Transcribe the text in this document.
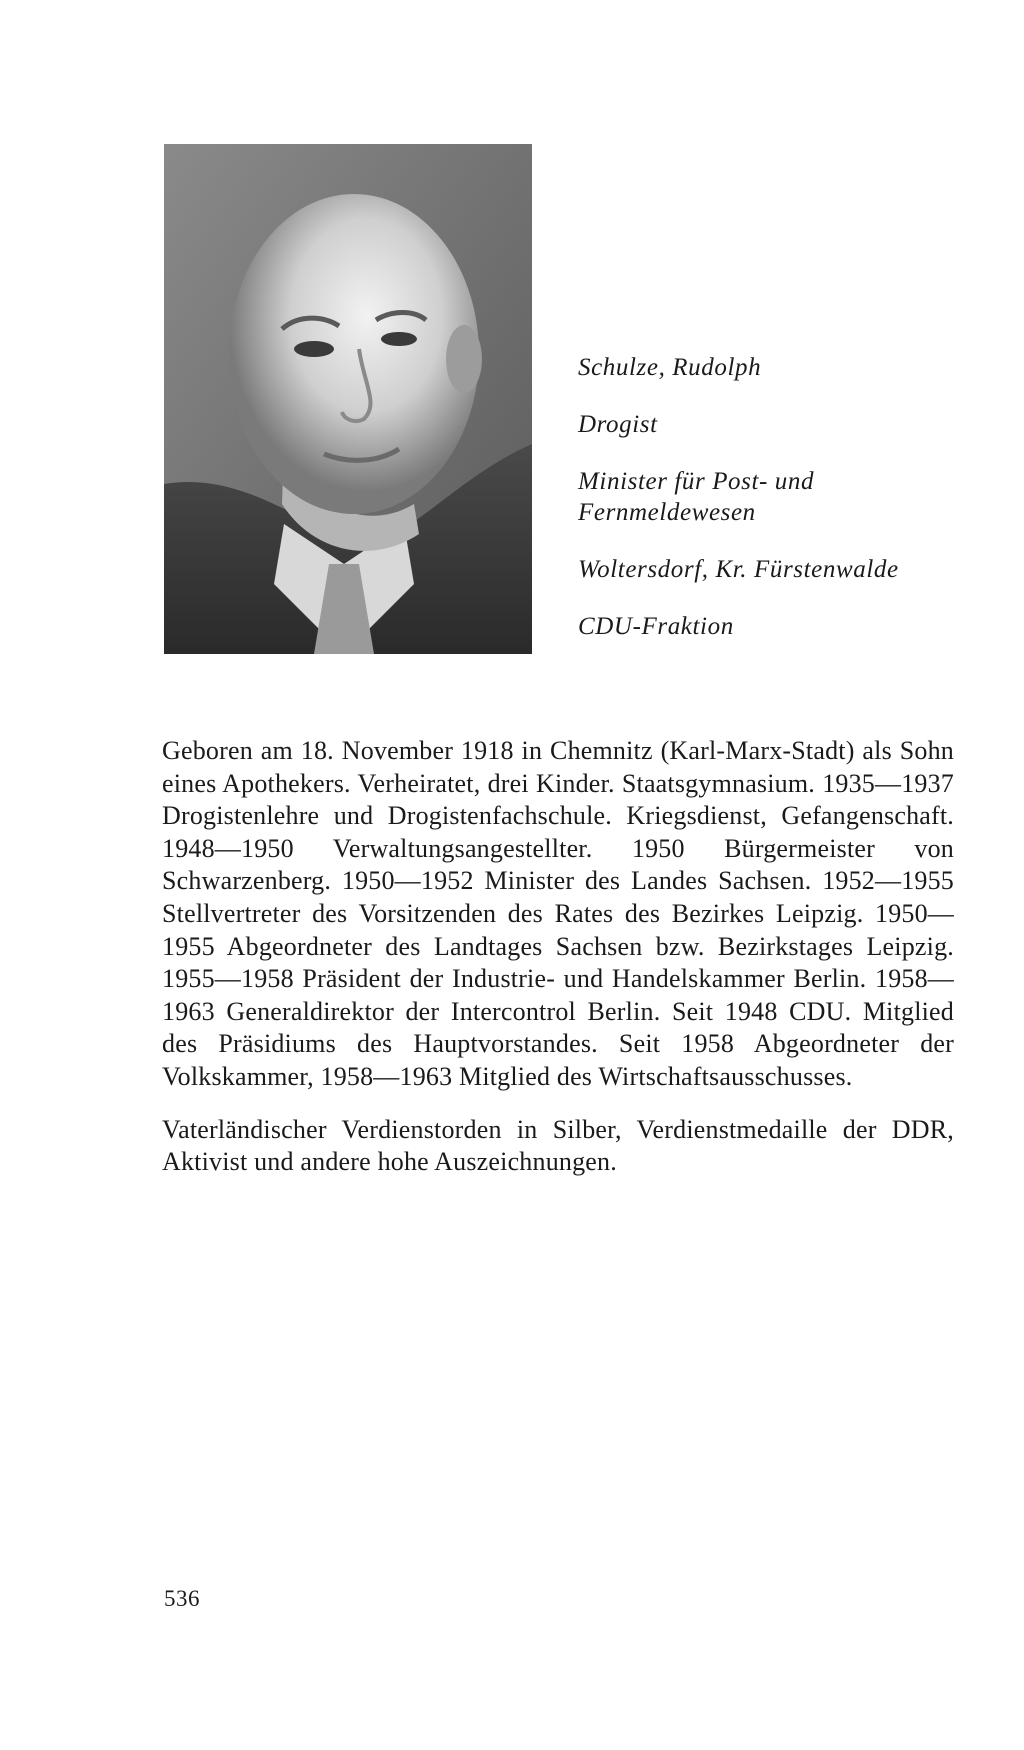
Schulze, Rudolph
Drogist
Minister für Post- und Fernmeldewesen
Woltersdorf, Kr. Fürstenwalde
CDU-Fraktion

Geboren am 18. November 1918 in Chemnitz (Karl-Marx-Stadt) als Sohn eines Apothekers. Verheiratet, drei Kinder. Staatsgymnasium. 1935—1937 Drogistenlehre und Drogistenfachschule. Kriegsdienst, Gefangenschaft. 1948—1950 Verwaltungsangestellter. 1950 Bürgermeister von Schwarzenberg. 1950—1952 Minister des Landes Sachsen. 1952—1955 Stellvertreter des Vorsitzenden des Rates des Bezirkes Leipzig. 1950—1955 Abgeordneter des Landtages Sachsen bzw. Bezirkstages Leipzig. 1955—1958 Präsident der Industrie- und Handelskammer Berlin. 1958—1963 Generaldirektor der Intercontrol Berlin. Seit 1948 CDU. Mitglied des Präsidiums des Hauptvorstandes. Seit 1958 Abgeordneter der Volkskammer, 1958—1963 Mitglied des Wirtschaftsausschusses.

Vaterländischer Verdienstorden in Silber, Verdienstmedaille der DDR, Aktivist und andere hohe Auszeichnungen.

536
